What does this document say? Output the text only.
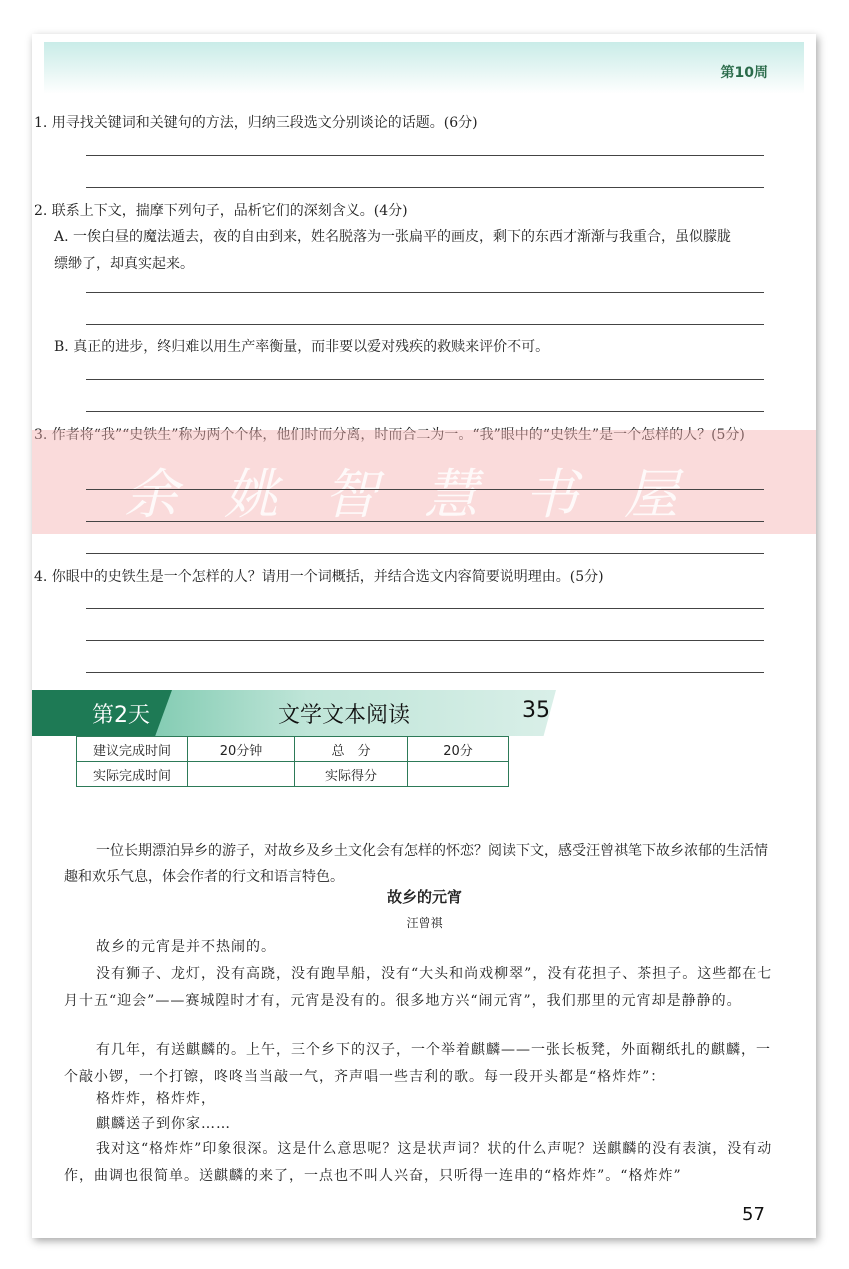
第10周
1. 用寻找关键词和关键句的方法，归纳三段选文分别谈论的话题。(6分)
2. 联系上下文，揣摩下列句子，品析它们的深刻含义。(4分)
A. 一俟白昼的魔法遁去，夜的自由到来，姓名脱落为一张扁平的画皮，剩下的东西才渐渐与我重合，虽似朦胧缥缈了，却真实起来。
B. 真正的进步，终归难以用生产率衡量，而非要以爱对残疾的救赎来评价不可。
3. 作者将“我”“史铁生”称为两个个体，他们时而分离，时而合二为一。“我”眼中的“史铁生”是一个怎样的人？(5分)
余姚智慧书屋
4. 你眼中的史铁生是一个怎样的人？请用一个词概括，并结合选文内容简要说明理由。(5分)
第2天	文学文本阅读	35
建议完成时间	20分钟	总　分	20分
实际完成时间		实际得分	
一位长期漂泊异乡的游子，对故乡及乡土文化会有怎样的怀恋？阅读下文，感受汪曾祺笔下故乡浓郁的生活情趣和欢乐气息，体会作者的行文和语言特色。
故乡的元宵
汪曾祺
故乡的元宵是并不热闹的。
没有狮子、龙灯，没有高跷，没有跑旱船，没有“大头和尚戏柳翠”，没有花担子、茶担子。这些都在七月十五“迎会”——赛城隍时才有，元宵是没有的。很多地方兴“闹元宵”，我们那里的元宵却是静静的。
有几年，有送麒麟的。上午，三个乡下的汉子，一个举着麒麟——一张长板凳，外面糊纸扎的麒麟，一个敲小锣，一个打镲，咚咚当当敲一气，齐声唱一些吉利的歌。每一段开头都是“格炸炸”：
格炸炸，格炸炸，
麒麟送子到你家……
我对这“格炸炸”印象很深。这是什么意思呢？这是状声词？状的什么声呢？送麒麟的没有表演，没有动作，曲调也很简单。送麒麟的来了，一点也不叫人兴奋，只听得一连串的“格炸炸”。“格炸炸”
57
